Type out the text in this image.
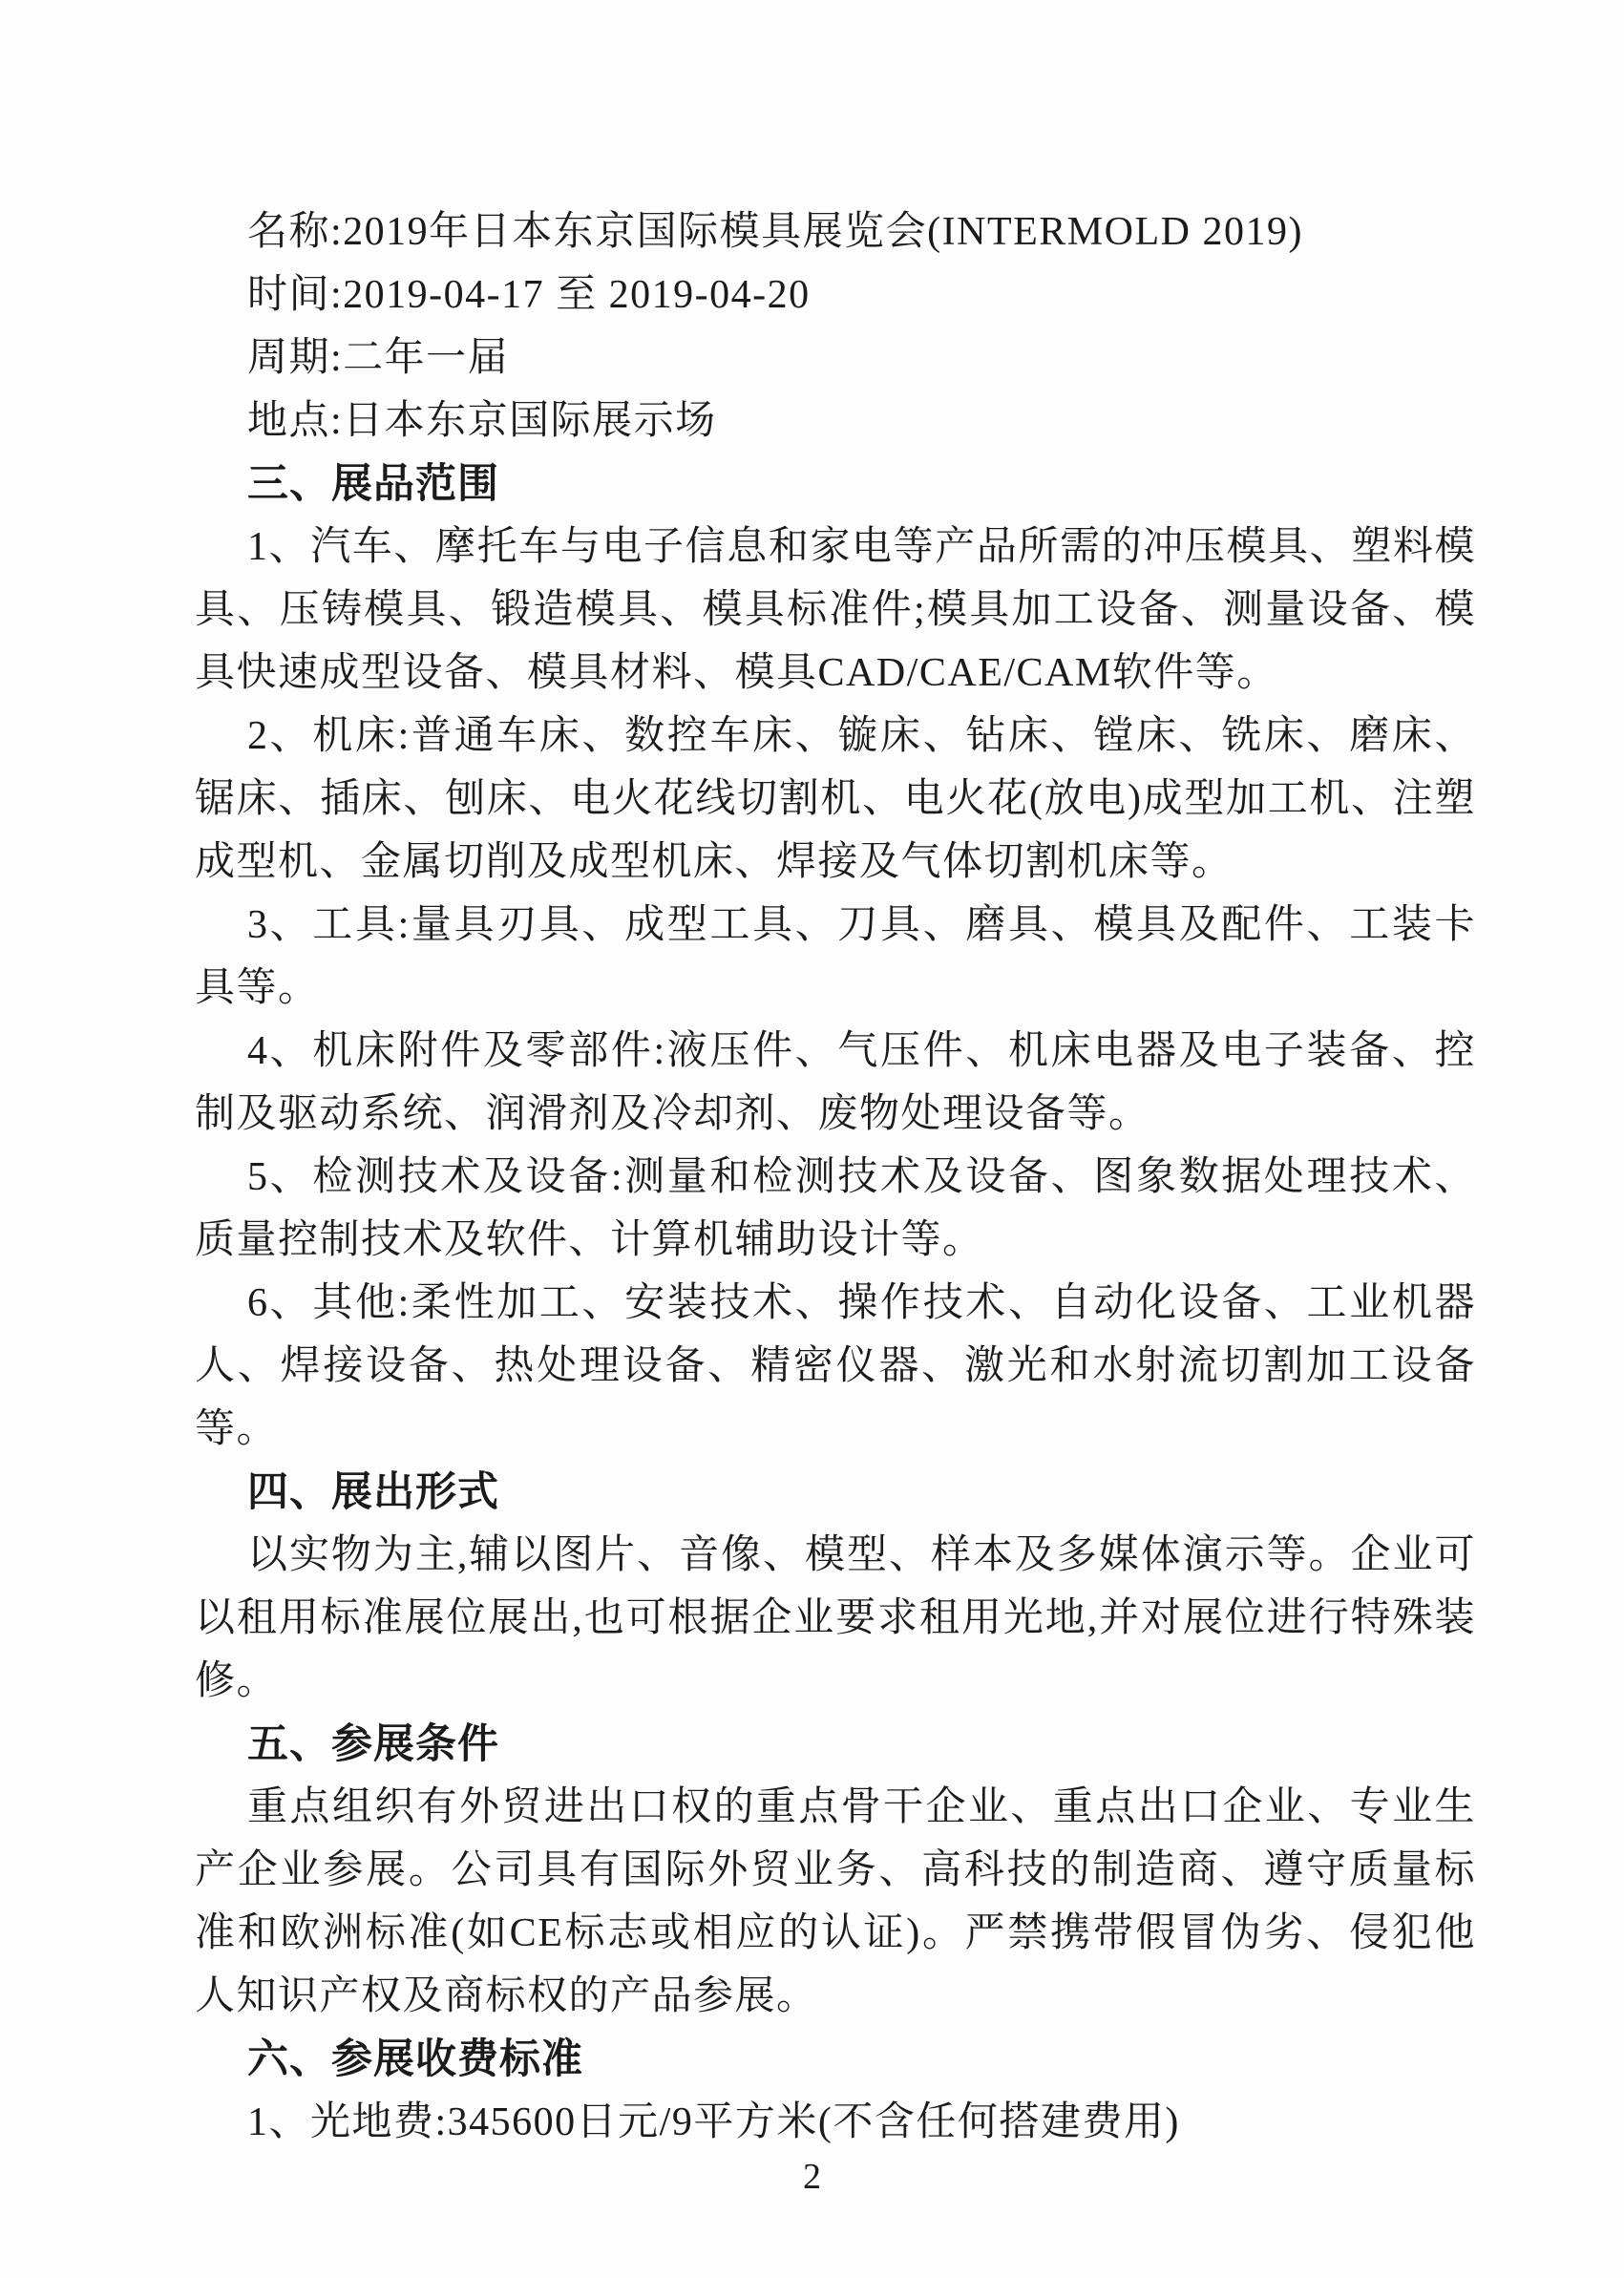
名称:2019年日本东京国际模具展览会(INTERMOLD 2019)

时间:2019-04-17 至 2019-04-20

周期:二年一届

地点:日本东京国际展示场

三、展品范围

1、汽车、摩托车与电子信息和家电等产品所需的冲压模具、塑料模具、压铸模具、锻造模具、模具标准件;模具加工设备、测量设备、模具快速成型设备、模具材料、模具CAD/CAE/CAM软件等。

2、机床:普通车床、数控车床、镟床、钻床、镗床、铣床、磨床、锯床、插床、刨床、电火花线切割机、电火花(放电)成型加工机、注塑成型机、金属切削及成型机床、焊接及气体切割机床等。

3、工具:量具刃具、成型工具、刀具、磨具、模具及配件、工装卡具等。

4、机床附件及零部件:液压件、气压件、机床电器及电子装备、控制及驱动系统、润滑剂及冷却剂、废物处理设备等。

5、检测技术及设备:测量和检测技术及设备、图象数据处理技术、质量控制技术及软件、计算机辅助设计等。

6、其他:柔性加工、安装技术、操作技术、自动化设备、工业机器人、焊接设备、热处理设备、精密仪器、激光和水射流切割加工设备等。

四、展出形式

以实物为主,辅以图片、音像、模型、样本及多媒体演示等。企业可以租用标准展位展出,也可根据企业要求租用光地,并对展位进行特殊装修。

五、参展条件

重点组织有外贸进出口权的重点骨干企业、重点出口企业、专业生产企业参展。公司具有国际外贸业务、高科技的制造商、遵守质量标准和欧洲标准(如CE标志或相应的认证)。严禁携带假冒伪劣、侵犯他人知识产权及商标权的产品参展。

六、参展收费标准

1、光地费:345600日元/9平方米(不含任何搭建费用)

2
